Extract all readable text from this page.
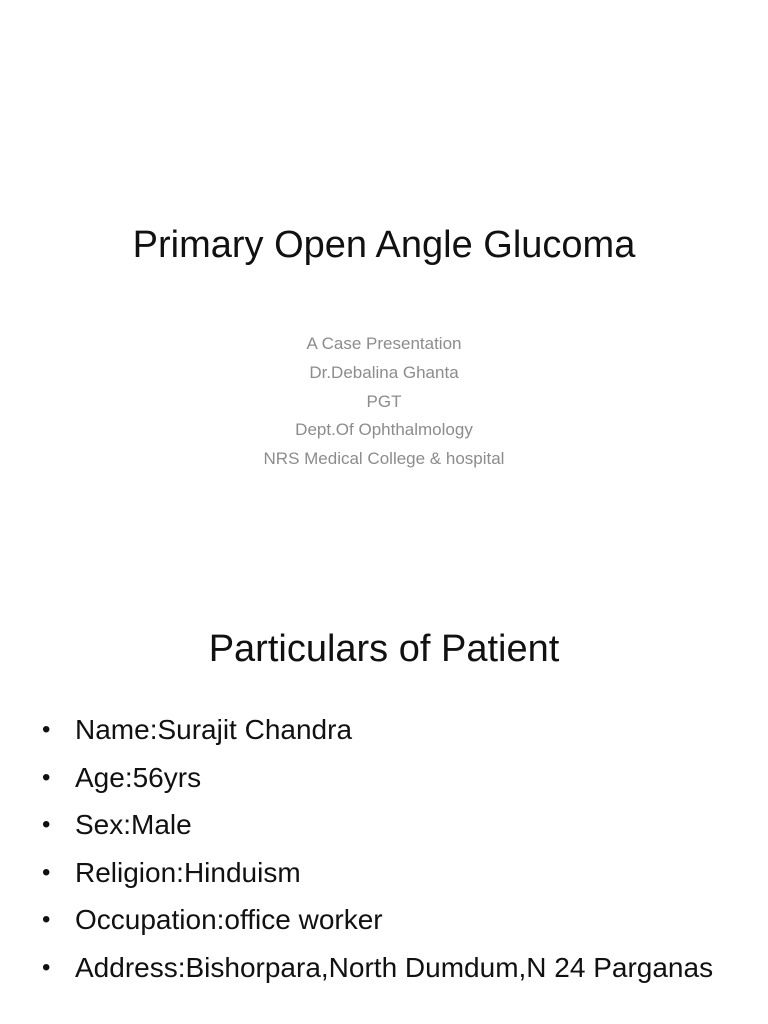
Primary Open Angle Glucoma
A Case Presentation
Dr.Debalina Ghanta
PGT
Dept.Of Ophthalmology
NRS Medical College & hospital
Particulars of Patient
• Name:Surajit Chandra
• Age:56yrs
• Sex:Male
• Religion:Hinduism
• Occupation:office worker
• Address:Bishorpara,North Dumdum,N 24 Parganas
